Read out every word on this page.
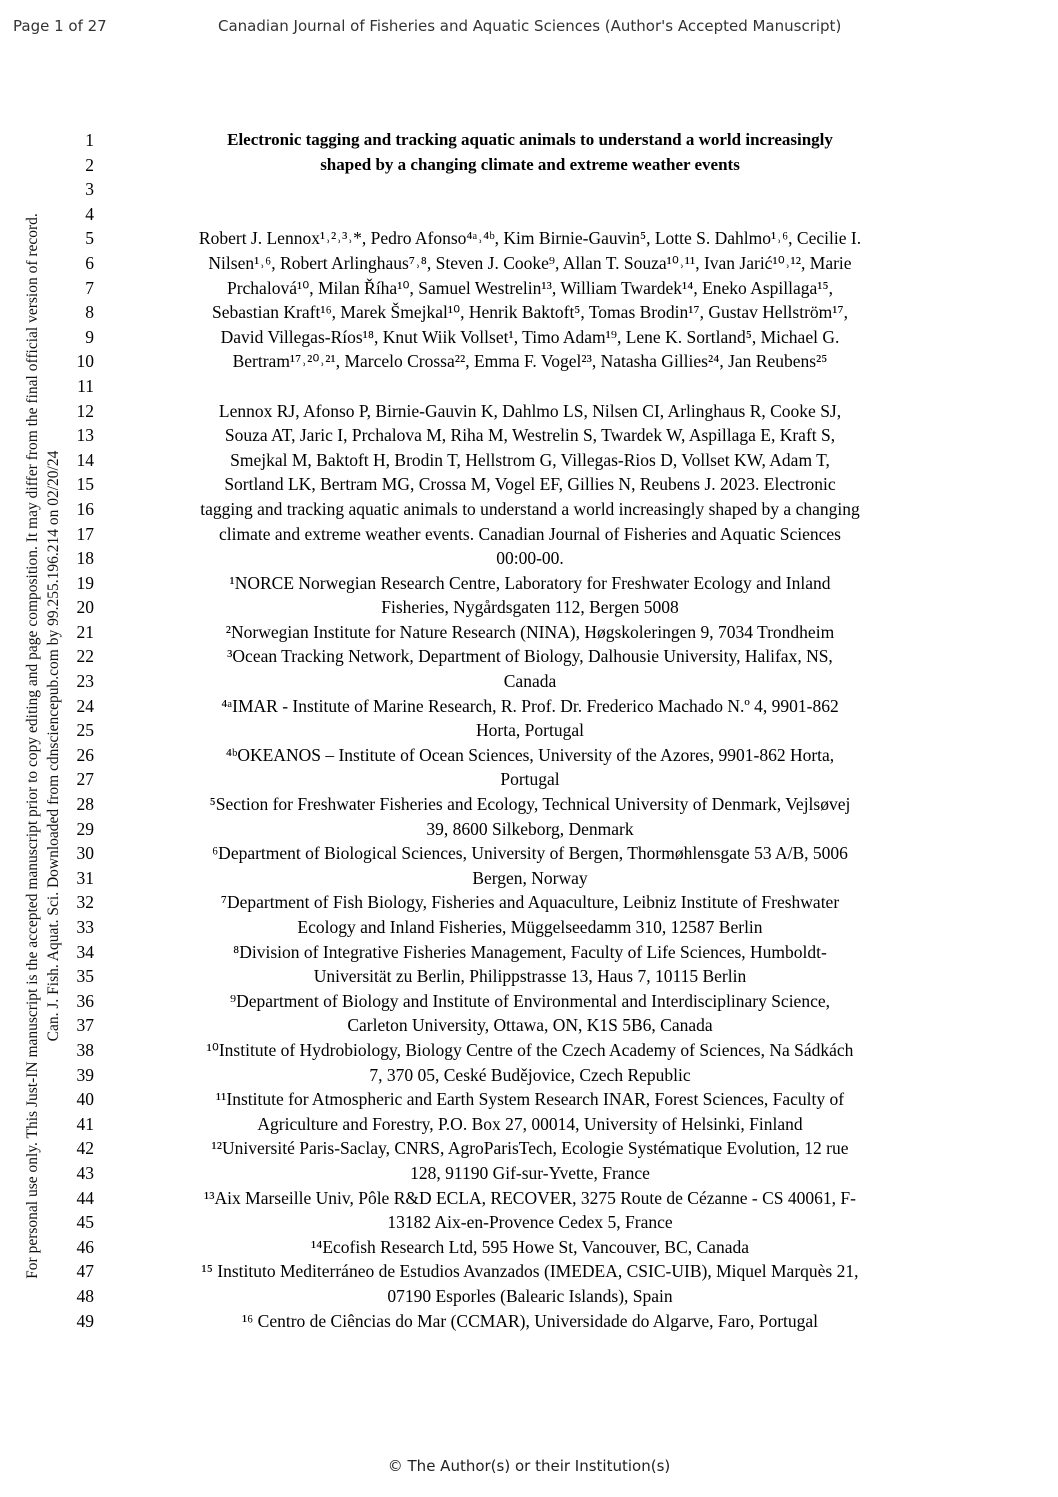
Page 1 of 27	Canadian Journal of Fisheries and Aquatic Sciences (Author's Accepted Manuscript)
For personal use only. This Just-IN manuscript is the accepted manuscript prior to copy editing and page composition. It may differ from the final official version of record. Can. J. Fish. Aquat. Sci. Downloaded from cdnsciencepub.com by 99.255.196.214 on 02/20/24
1	Electronic tagging and tracking aquatic animals to understand a world increasingly
2	shaped by a changing climate and extreme weather events
3
4
5	Robert J. Lennox¹˒²˒³˒*, Pedro Afonso⁴ᵃ˒⁴ᵇ, Kim Birnie-Gauvin⁵, Lotte S. Dahlmo¹˒⁶, Cecilie I.
6	Nilsen¹˒⁶, Robert Arlinghaus⁷˒⁸, Steven J. Cooke⁹, Allan T. Souza¹⁰˒¹¹, Ivan Jarić¹⁰˒¹², Marie
7	Prchalová¹⁰, Milan Říha¹⁰, Samuel Westrelin¹³, William Twardek¹⁴, Eneko Aspillaga¹⁵,
8	Sebastian Kraft¹⁶, Marek Šmejkal¹⁰, Henrik Baktoft⁵, Tomas Brodin¹⁷, Gustav Hellström¹⁷,
9	David Villegas-Ríos¹⁸, Knut Wiik Vollset¹, Timo Adam¹⁹, Lene K. Sortland⁵, Michael G.
10	Bertram¹⁷˒²⁰˒²¹, Marcelo Crossa²², Emma F. Vogel²³, Natasha Gillies²⁴, Jan Reubens²⁵
11
12	Lennox RJ, Afonso P, Birnie-Gauvin K, Dahlmo LS, Nilsen CI, Arlinghaus R, Cooke SJ,
13	Souza AT, Jaric I, Prchalova M, Riha M, Westrelin S, Twardek W, Aspillaga E, Kraft S,
14	Smejkal M, Baktoft H, Brodin T, Hellstrom G, Villegas-Rios D, Vollset KW, Adam T,
15	Sortland LK, Bertram MG, Crossa M, Vogel EF, Gillies N, Reubens J. 2023. Electronic
16	tagging and tracking aquatic animals to understand a world increasingly shaped by a changing
17	climate and extreme weather events. Canadian Journal of Fisheries and Aquatic Sciences
18	00:00-00.
19	¹NORCE Norwegian Research Centre, Laboratory for Freshwater Ecology and Inland
20	Fisheries, Nygårdsgaten 112, Bergen 5008
21	²Norwegian Institute for Nature Research (NINA), Høgskoleringen 9, 7034 Trondheim
22	³Ocean Tracking Network, Department of Biology, Dalhousie University, Halifax, NS,
23	Canada
24	⁴ᵃIMAR - Institute of Marine Research, R. Prof. Dr. Frederico Machado N.º 4, 9901-862
25	Horta, Portugal
26	⁴ᵇOKEANOS – Institute of Ocean Sciences, University of the Azores, 9901-862 Horta,
27	Portugal
28	⁵Section for Freshwater Fisheries and Ecology, Technical University of Denmark, Vejlsøvej
29	39, 8600 Silkeborg, Denmark
30	⁶Department of Biological Sciences, University of Bergen, Thormøhlensgate 53 A/B, 5006
31	Bergen, Norway
32	⁷Department of Fish Biology, Fisheries and Aquaculture, Leibniz Institute of Freshwater
33	Ecology and Inland Fisheries, Müggelseedamm 310, 12587 Berlin
34	⁸Division of Integrative Fisheries Management, Faculty of Life Sciences, Humboldt-
35	Universität zu Berlin, Philippstrasse 13, Haus 7, 10115 Berlin
36	⁹Department of Biology and Institute of Environmental and Interdisciplinary Science,
37	Carleton University, Ottawa, ON, K1S 5B6, Canada
38	¹⁰Institute of Hydrobiology, Biology Centre of the Czech Academy of Sciences, Na Sádkách
39	7, 370 05, Ceské Budějovice, Czech Republic
40	¹¹Institute for Atmospheric and Earth System Research INAR, Forest Sciences, Faculty of
41	Agriculture and Forestry, P.O. Box 27, 00014, University of Helsinki, Finland
42	¹²Université Paris-Saclay, CNRS, AgroParisTech, Ecologie Systématique Evolution, 12 rue
43	128, 91190 Gif-sur-Yvette, France
44	¹³Aix Marseille Univ, Pôle R&D ECLA, RECOVER, 3275 Route de Cézanne - CS 40061, F-
45	13182 Aix-en-Provence Cedex 5, France
46	¹⁴Ecofish Research Ltd, 595 Howe St, Vancouver, BC, Canada
47	¹⁵ Instituto Mediterráneo de Estudios Avanzados (IMEDEA, CSIC-UIB), Miquel Marquès 21,
48	07190 Esporles (Balearic Islands), Spain
49	¹⁶ Centro de Ciências do Mar (CCMAR), Universidade do Algarve, Faro, Portugal
© The Author(s) or their Institution(s)
